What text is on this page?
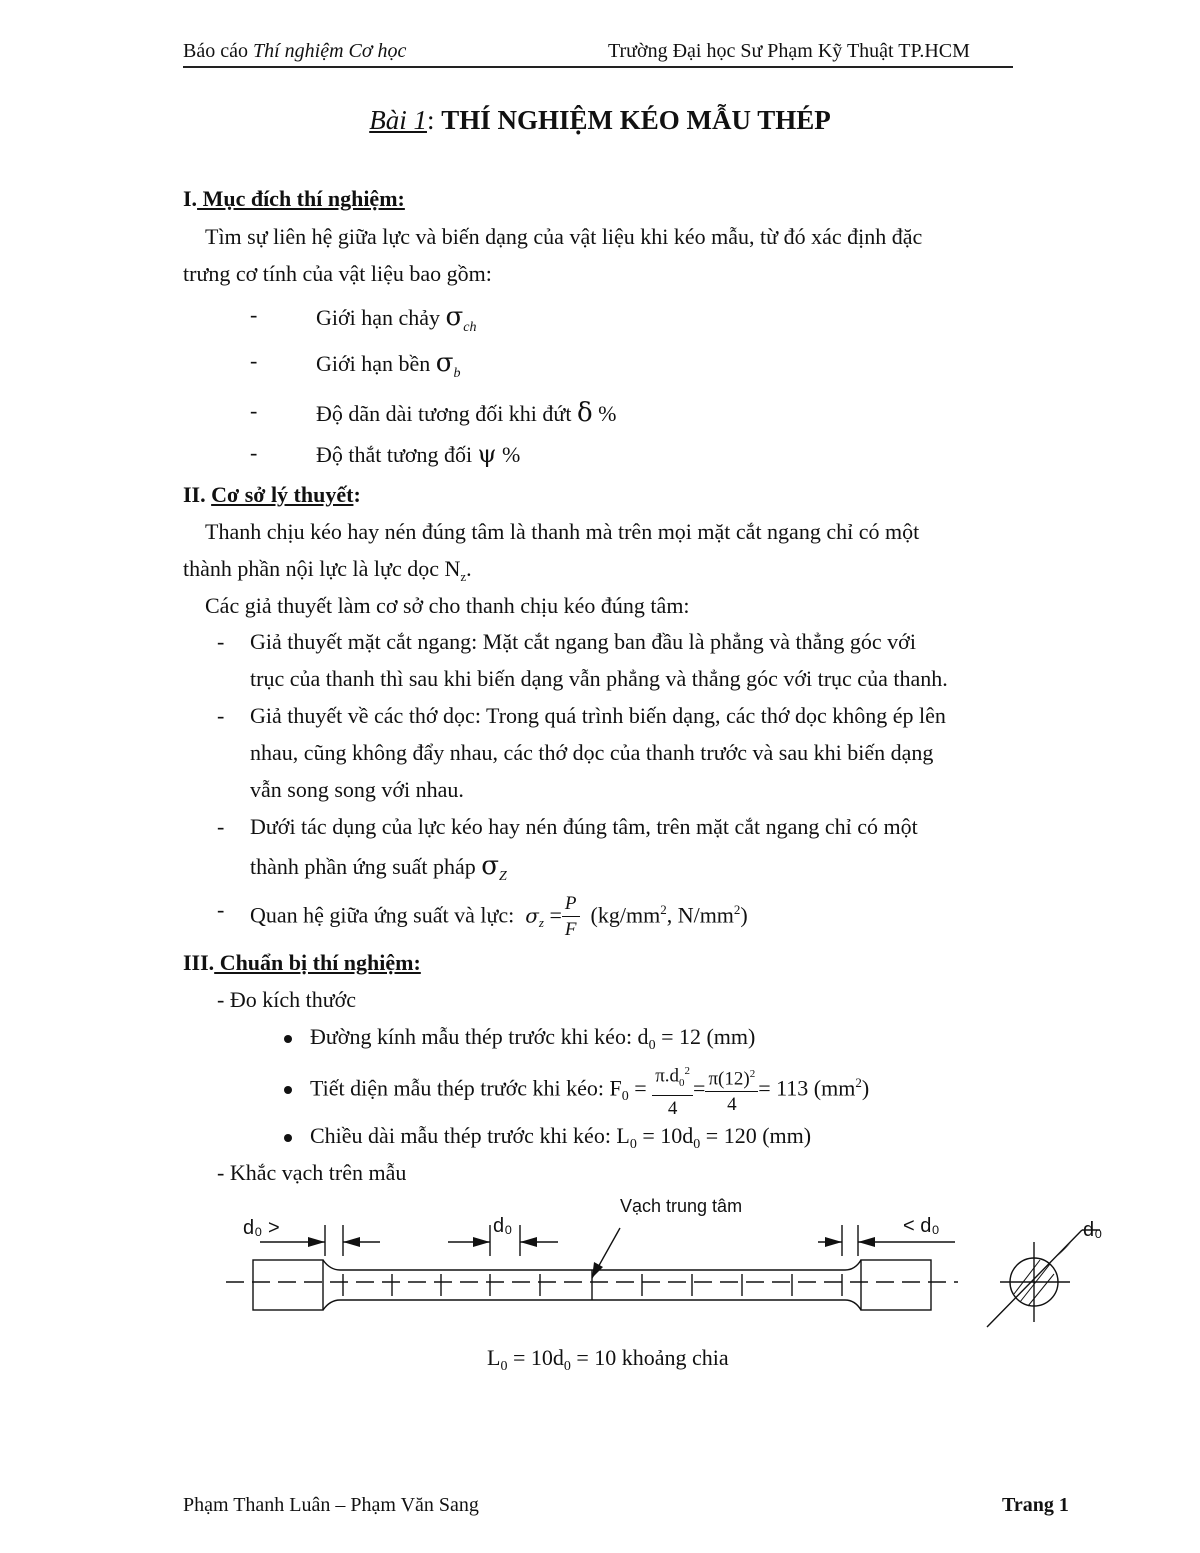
Báo cáo Thí nghiệm Cơ học	Trường Đại học Sư Phạm Kỹ Thuật TP.HCM
Bài 1: THÍ NGHIỆM KÉO MẪU THÉP
I. Mục đích thí nghiệm:
Tìm sự liên hệ giữa lực và biến dạng của vật liệu khi kéo mẫu, từ đó xác định đặc
trưng cơ tính của vật liệu bao gồm:
-	Giới hạn chảy $\sigma_{ch}$
-	Giới hạn bền $\sigma_b$
-	Độ dãn dài tương đối khi đứt δ %
-	Độ thắt tương đối ψ %
II. Cơ sở lý thuyết:
Thanh chịu kéo hay nén đúng tâm là thanh mà trên mọi mặt cắt ngang chỉ có một
thành phần nội lực là lực dọc $N_z$.
Các giả thuyết làm cơ sở cho thanh chịu kéo đúng tâm:
- Giả thuyết mặt cắt ngang: Mặt cắt ngang ban đầu là phẳng và thẳng góc với
trục của thanh thì sau khi biến dạng vẫn phẳng và thẳng góc với trục của thanh.
- Giả thuyết về các thớ dọc: Trong quá trình biến dạng, các thớ dọc không ép lên
nhau, cũng không đẩy nhau, các thớ dọc của thanh trước và sau khi biến dạng
vẫn song song với nhau.
- Dưới tác dụng của lực kéo hay nén đúng tâm, trên mặt cắt ngang chỉ có một
thành phần ứng suất pháp $\sigma_Z$
- Quan hệ giữa ứng suất và lực: $\sigma_z = \frac{P}{F} (kg/mm^2$, $N/mm^2$)
III. Chuẩn bị thí nghiệm:
- Đo kích thước
Đường kính mẫu thép trước khi kéo: $d_0 = 12$ (mm)
Tiết diện mẫu thép trước khi kéo: $F_0 = \frac{\pi.d_0^2}{4} = \frac{\pi(12)^2}{4} = 113$ $(mm^2)$
Chiều dài mẫu thép trước khi kéo: $L_0 = 10d_0 = 120$ (mm)
- Khắc vạch trên mẫu
Vạch trung tâm
d₀ >	d₀	< d₀	d₀
$L_0 = 10d_0 = 10$ khoảng chia
Phạm Thanh Luân – Phạm Văn Sang	Trang 1
